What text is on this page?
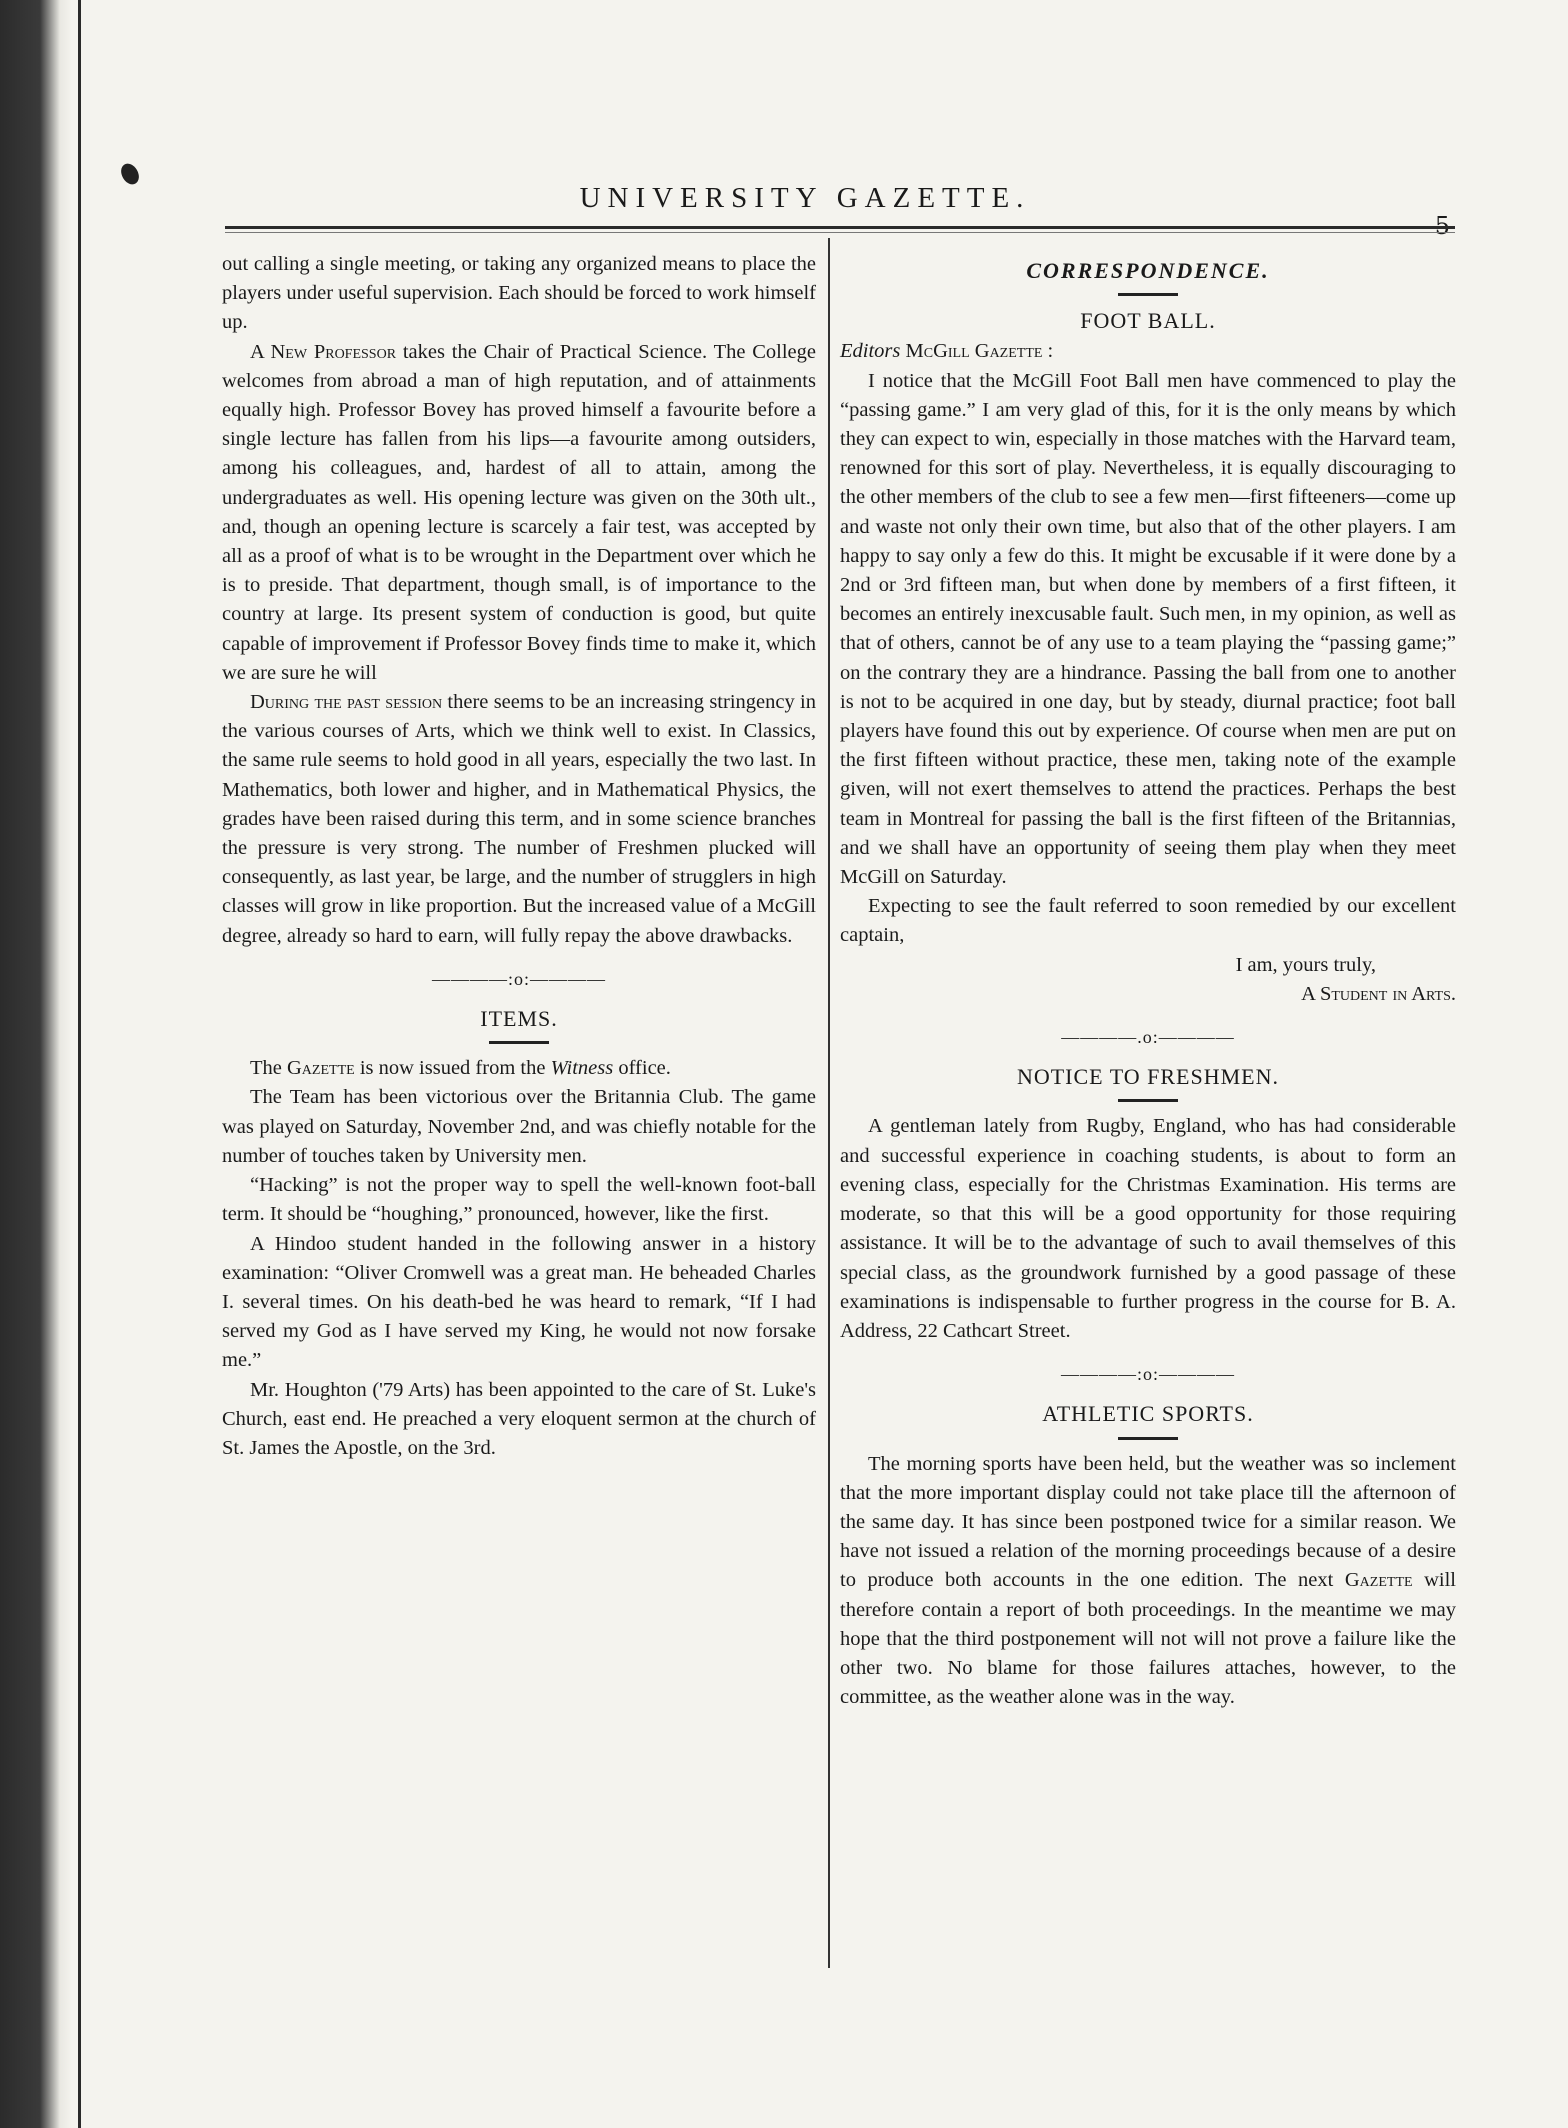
UNIVERSITY GAZETTE.

out calling a single meeting, or taking any organized means to place the players under useful supervision. Each should be forced to work himself up.

A New Professor takes the Chair of Practical Science. The College welcomes from abroad a man of high reputation, and of attainments equally high. Professor Bovey has proved himself a favourite before a single lecture has fallen from his lips—a favourite among outsiders, among his colleagues, and, hardest of all to attain, among the undergraduates as well. His opening lecture was given on the 30th ult., and, though an opening lecture is scarcely a fair test, was accepted by all as a proof of what is to be wrought in the Department over which he is to preside. That department, though small, is of importance to the country at large. Its present system of conduction is good, but quite capable of improvement if Professor Bovey finds time to make it, which we are sure he will

During the past session there seems to be an increasing stringency in the various courses of Arts, which we think well to exist. In Classics, the same rule seems to hold good in all years, especially the two last. In Mathematics, both lower and higher, and in Mathematical Physics, the grades have been raised during this term, and in some science branches the pressure is very strong. The number of Freshmen plucked will consequently, as last year, be large, and the number of strugglers in high classes will grow in like proportion. But the increased value of a McGill degree, already so hard to earn, will fully repay the above drawbacks.

————:o:————
ITEMS.

The Gazette is now issued from the Witness office.

The Team has been victorious over the Britannia Club. The game was played on Saturday, November 2nd, and was chiefly notable for the number of touches taken by University men.

“Hacking” is not the proper way to spell the well-known foot-ball term. It should be “houghing,” pronounced, however, like the first.

A Hindoo student handed in the following answer in a history examination: “Oliver Cromwell was a great man. He beheaded Charles I. several times. On his death-bed he was heard to remark, “If I had served my God as I have served my King, he would not now forsake me.”

Mr. Houghton ('79 Arts) has been appointed to the care of St. Luke's Church, east end. He preached a very eloquent sermon at the church of St. James the Apostle, on the 3rd.

CORRESPONDENCE.
FOOT BALL.

Editors McGill Gazette :

I notice that the McGill Foot Ball men have commenced to play the “passing game.” I am very glad of this, for it is the only means by which they can expect to win, especially in those matches with the Harvard team, renowned for this sort of play. Nevertheless, it is equally discouraging to the other members of the club to see a few men—first fifteeners—come up and waste not only their own time, but also that of the other players. I am happy to say only a few do this. It might be excusable if it were done by a 2nd or 3rd fifteen man, but when done by members of a first fifteen, it becomes an entirely inexcusable fault. Such men, in my opinion, as well as that of others, cannot be of any use to a team playing the “passing game;” on the contrary they are a hindrance. Passing the ball from one to another is not to be acquired in one day, but by steady, diurnal practice; foot ball players have found this out by experience. Of course when men are put on the first fifteen without practice, these men, taking note of the example given, will not exert themselves to attend the practices. Perhaps the best team in Montreal for passing the ball is the first fifteen of the Britannias, and we shall have an opportunity of seeing them play when they meet McGill on Saturday.

Expecting to see the fault referred to soon remedied by our excellent captain,

I am, yours truly,
A Student in Arts.
————.o:————
NOTICE TO FRESHMEN.

A gentleman lately from Rugby, England, who has had considerable and successful experience in coaching students, is about to form an evening class, especially for the Christmas Examination. His terms are moderate, so that this will be a good opportunity for those requiring assistance. It will be to the advantage of such to avail themselves of this special class, as the groundwork furnished by a good passage of these examinations is indispensable to further progress in the course for B. A. Address, 22 Cathcart Street.

————:o:————
ATHLETIC SPORTS.

The morning sports have been held, but the weather was so inclement that the more important display could not take place till the afternoon of the same day. It has since been postponed twice for a similar reason. We have not issued a relation of the morning proceedings because of a desire to produce both accounts in the one edition. The next Gazette will therefore contain a report of both proceedings. In the meantime we may hope that the third postponement will not will not prove a failure like the other two. No blame for those failures attaches, however, to the committee, as the weather alone was in the way.
